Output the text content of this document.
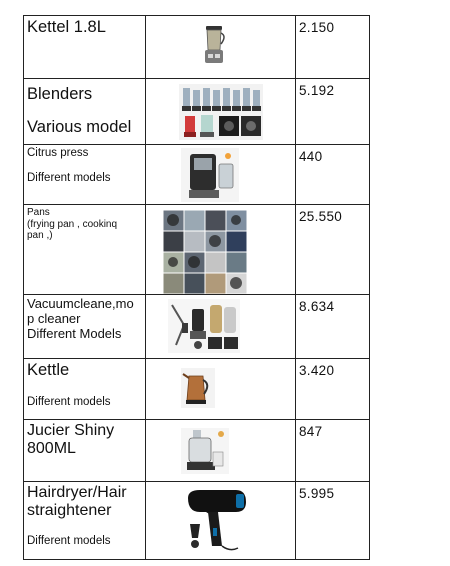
Kettel 1.8L		2.150

Blenders
Various model		5.192

Citrus press
Different models		440

Pans
(frying pan , cookinq
pan ,)		25.550

Vacuumcleane,mo
p cleaner
Different Models		8.634

Kettle
Different models		3.420

Jucier Shiny
800ML		847

Hairdryer/Hair
straightener
Different models		5.995
